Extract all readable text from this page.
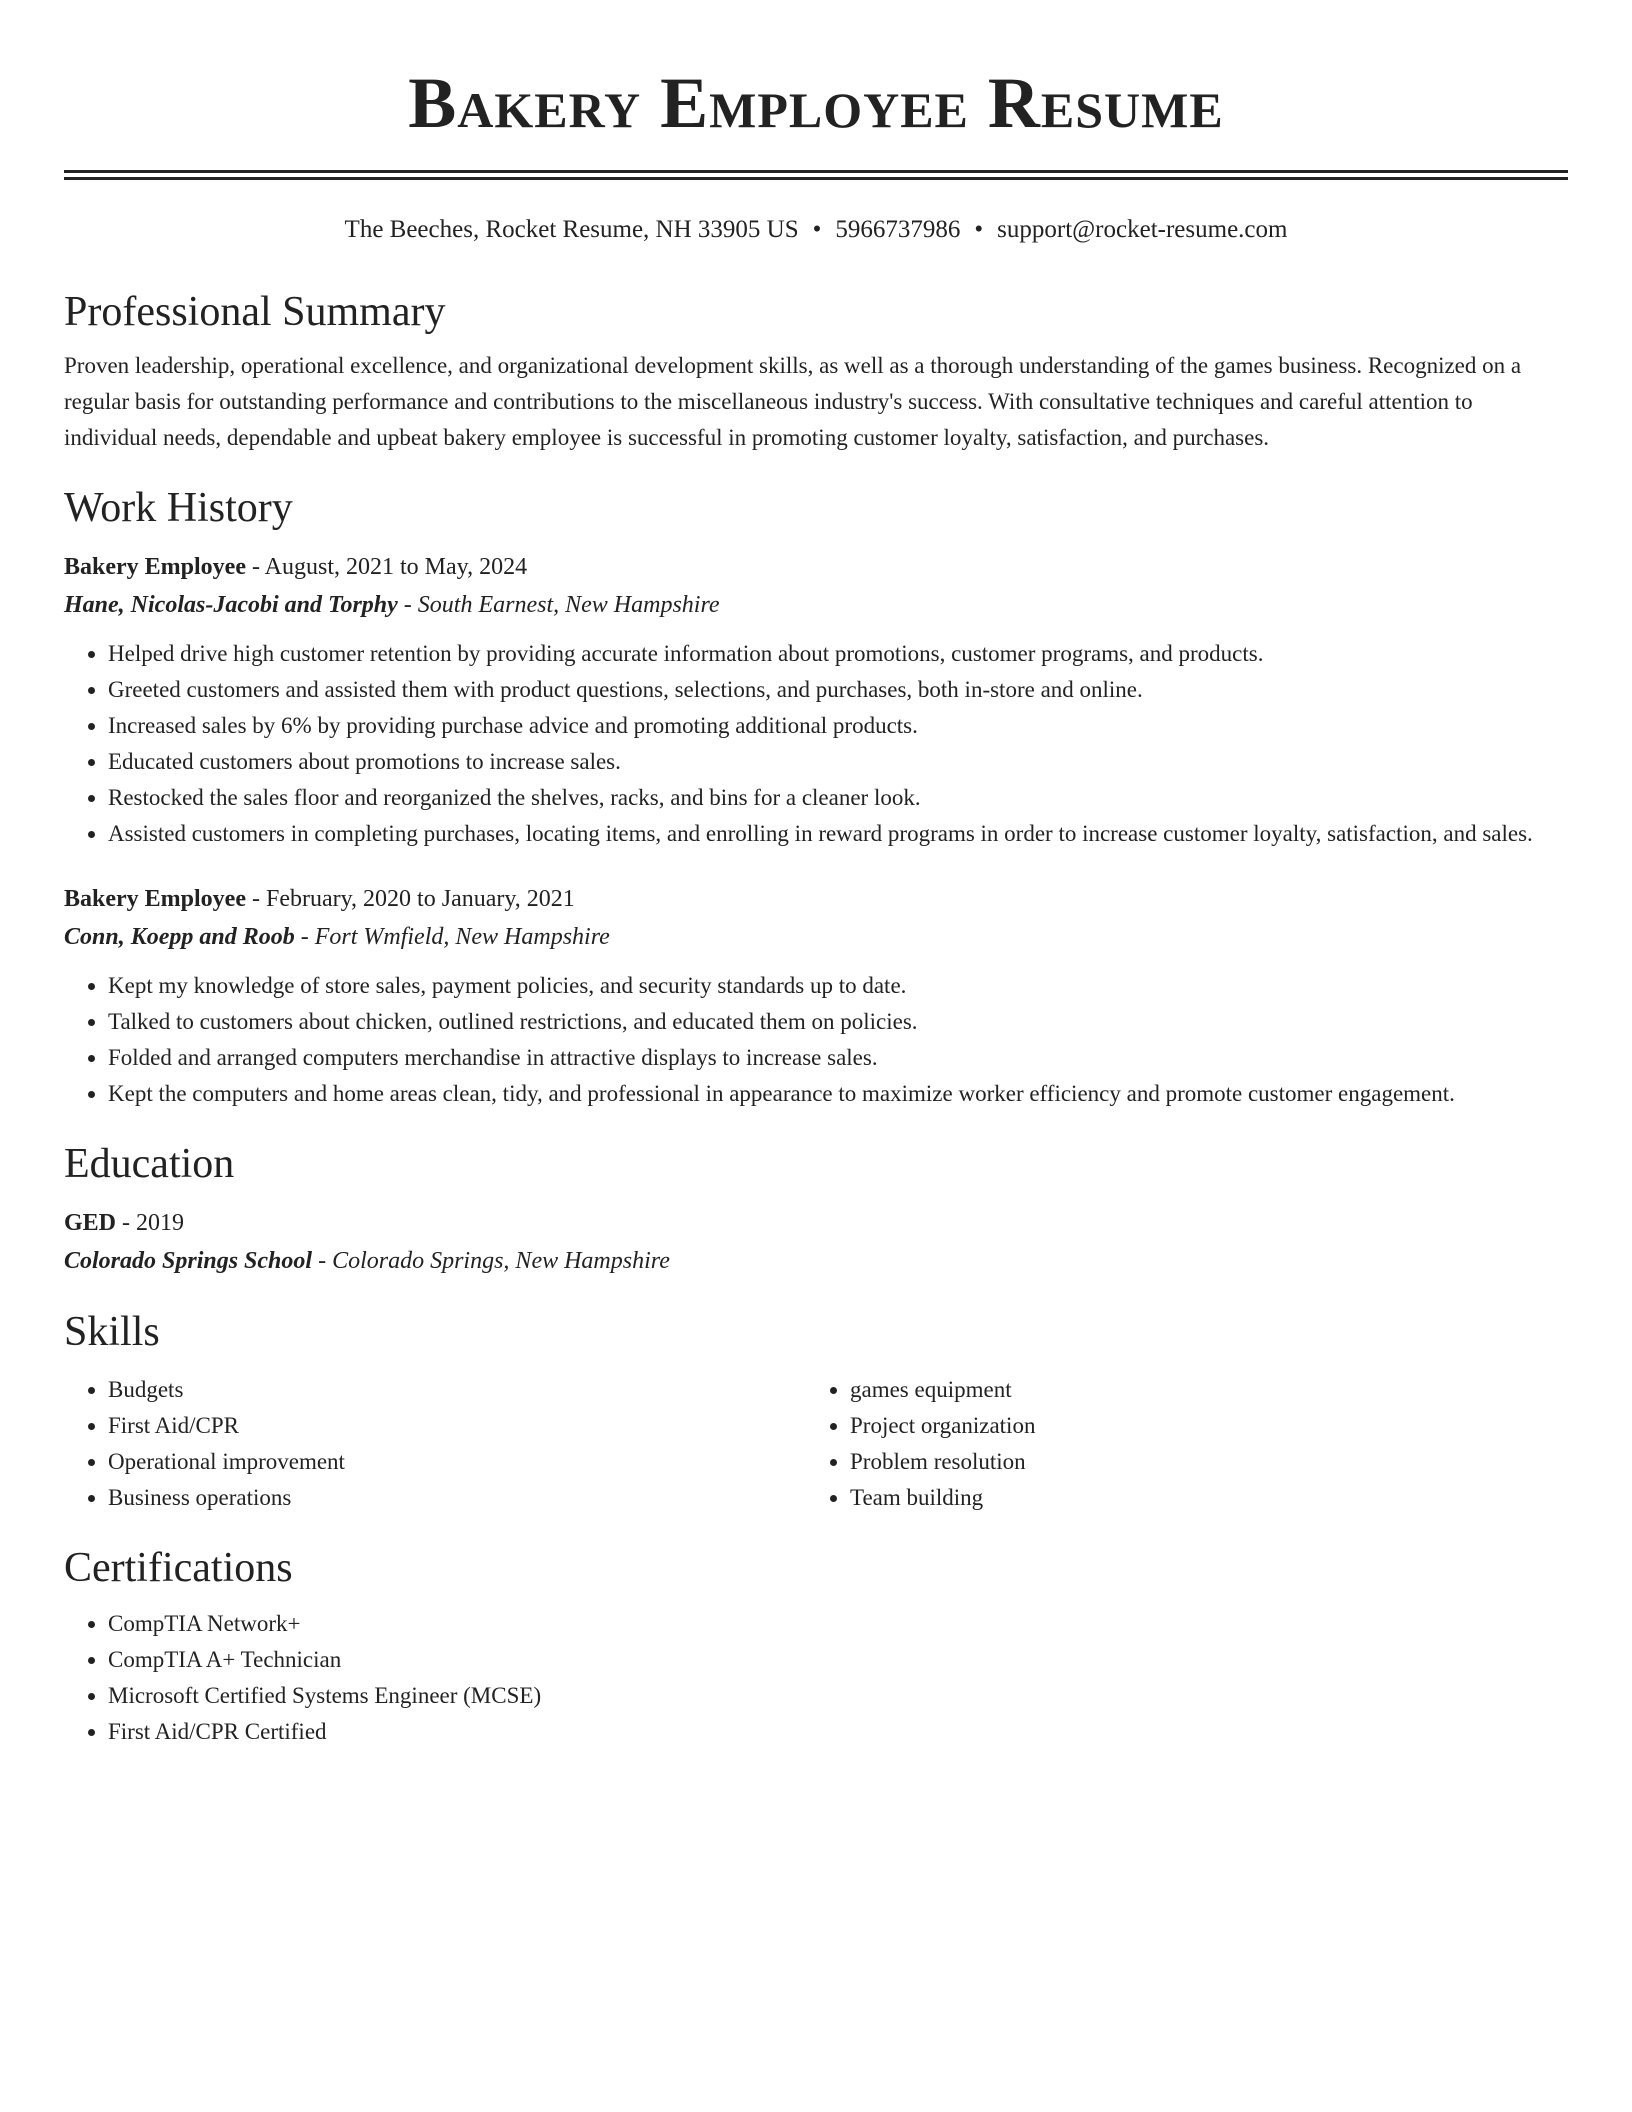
Bakery Employee Resume
The Beeches, Rocket Resume, NH 33905 US • 5966737986 • support@rocket-resume.com
Professional Summary

Proven leadership, operational excellence, and organizational development skills, as well as a thorough understanding of the games business. Recognized on a regular basis for outstanding performance and contributions to the miscellaneous industry's success. With consultative techniques and careful attention to individual needs, dependable and upbeat bakery employee is successful in promoting customer loyalty, satisfaction, and purchases.

Work History
Bakery Employee - August, 2021 to May, 2024
Hane, Nicolas-Jacobi and Torphy - South Earnest, New Hampshire
• Helped drive high customer retention by providing accurate information about promotions, customer programs, and products.
• Greeted customers and assisted them with product questions, selections, and purchases, both in-store and online.
• Increased sales by 6% by providing purchase advice and promoting additional products.
• Educated customers about promotions to increase sales.
• Restocked the sales floor and reorganized the shelves, racks, and bins for a cleaner look.
• Assisted customers in completing purchases, locating items, and enrolling in reward programs in order to increase customer loyalty, satisfaction, and sales.
Bakery Employee - February, 2020 to January, 2021
Conn, Koepp and Roob - Fort Wmfield, New Hampshire
• Kept my knowledge of store sales, payment policies, and security standards up to date.
• Talked to customers about chicken, outlined restrictions, and educated them on policies.
• Folded and arranged computers merchandise in attractive displays to increase sales.
• Kept the computers and home areas clean, tidy, and professional in appearance to maximize worker efficiency and promote customer engagement.
Education
GED - 2019
Colorado Springs School - Colorado Springs, New Hampshire
Skills
• Budgets
• First Aid/CPR
• Operational improvement
• Business operations
• games equipment
• Project organization
• Problem resolution
• Team building
Certifications
• CompTIA Network+
• CompTIA A+ Technician
• Microsoft Certified Systems Engineer (MCSE)
• First Aid/CPR Certified
